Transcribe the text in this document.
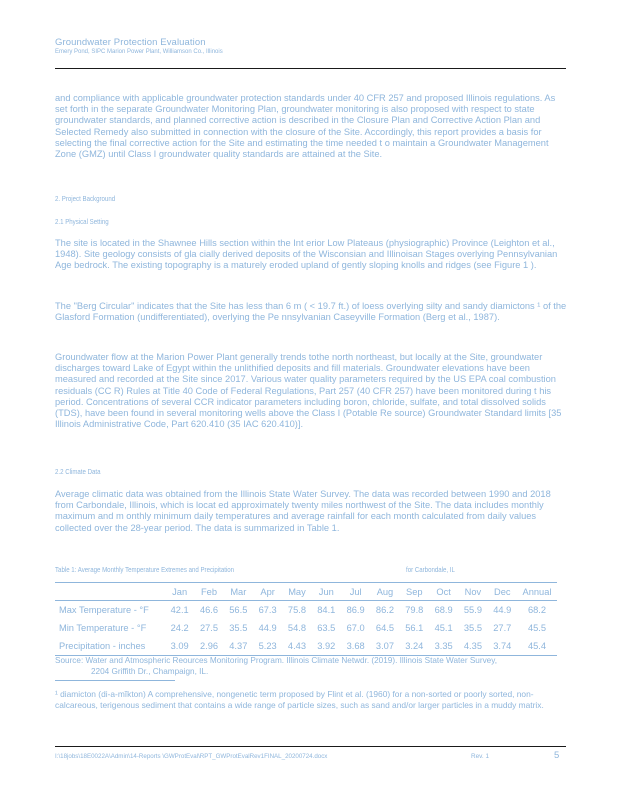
Groundwater Protection Evaluation
Emery Pond, SIPC Marion Power Plant, Williamson Co., Illinois

and compliance with applicable groundwater protection standards under 40 CFR 257 and proposed Illinois regulations. As set forth in the separate Groundwater Monitoring Plan, groundwater monitoring is also proposed with respect to state groundwater standards, and planned corrective action is described in the Closure Plan and Corrective Action Plan and Selected Remedy also submitted in connection with the closure of the Site. Accordingly, this report provides a basis for selecting the final corrective action for the Site and estimating the time needed t o maintain a Groundwater Management Zone (GMZ) until Class I groundwater quality standards are attained at the Site.

2. Project Background
2.1 Physical Setting

The site is located in the Shawnee Hills section within the Int erior Low Plateaus (physiographic) Province (Leighton et al., 1948). Site geology consists of gla cially derived deposits of the Wisconsian and Illinoisan Stages overlying Pennsylvanian Age bedrock. The existing topography is a maturely eroded upland of gently sloping knolls and ridges (see Figure 1 ).

The "Berg Circular" indicates that the Site has less than 6 m ( < 19.7 ft.) of loess overlying silty and sandy diamictons ¹ of the Glasford Formation (undifferentiated), overlying the Pe nnsylvanian Caseyville Formation (Berg et al., 1987).

Groundwater flow at the Marion Power Plant generally trends tothe north northeast, but locally at the Site, groundwater discharges toward Lake of Egypt within the unlithified deposits and fill materials. Groundwater elevations have been measured and recorded at the Site since 2017. Various water quality parameters required by the US EPA coal combustion residuals (CC R) Rules at Title 40 Code of Federal Regulations, Part 257 (40 CFR 257) have been monitored during t his period. Concentrations of several CCR indicator parameters including boron, chloride, sulfate, and total dissolved solids (TDS), have been found in several monitoring wells above the Class I (Potable Re source) Groundwater Standard limits [35 Illinois Administrative Code, Part 620.410 (35 IAC 620.410)].

2.2 Climate Data

Average climatic data was obtained from the Illinois State Water Survey. The data was recorded between 1990 and 2018 from Carbondale, Illinois, which is locat ed approximately twenty miles northwest of the Site. The data includes monthly maximum and m onthly minimum daily temperatures and average rainfall for each month calculated from daily values collected over the 28-year period. The data is summarized in Table 1.

Table 1: Average Monthly Temperature Extremes and Precipitation	for Carbondale, IL
	Jan	Feb	Mar	Apr	May	Jun	Jul	Aug	Sep	Oct	Nov	Dec	Annual
Max Temperature - °F	42.1	46.6	56.5	67.3	75.8	84.1	86.9	86.2	79.8	68.9	55.9	44.9	68.2
Min Temperature - °F	24.2	27.5	35.5	44.9	54.8	63.5	67.0	64.5	56.1	45.1	35.5	27.7	45.5
Precipitation - inches	3.09	2.96	4.37	5.23	4.43	3.92	3.68	3.07	3.24	3.35	4.35	3.74	45.4
Source: Water and Atmospheric Reources Monitoring Program. Illinois Climate Netwdr. (2019). Illinois State Water Survey,
2204 Griffith Dr., Champaign, IL.
¹ diamicton (di-a-mĭkton) A comprehensive, nongenetic term proposed by Flint et al. (1960) for a non-sorted or poorly sorted, non-calcareous, terigenous sediment that contains a wide range of particle sizes, such as sand and/or larger particles in a muddy matrix.
I:\18jobs\18E0022A\Admin\14-Reports \GWProtEval\RPT_GWProtEvalRev1FINAL_20200724.docx	Rev. 1	5
